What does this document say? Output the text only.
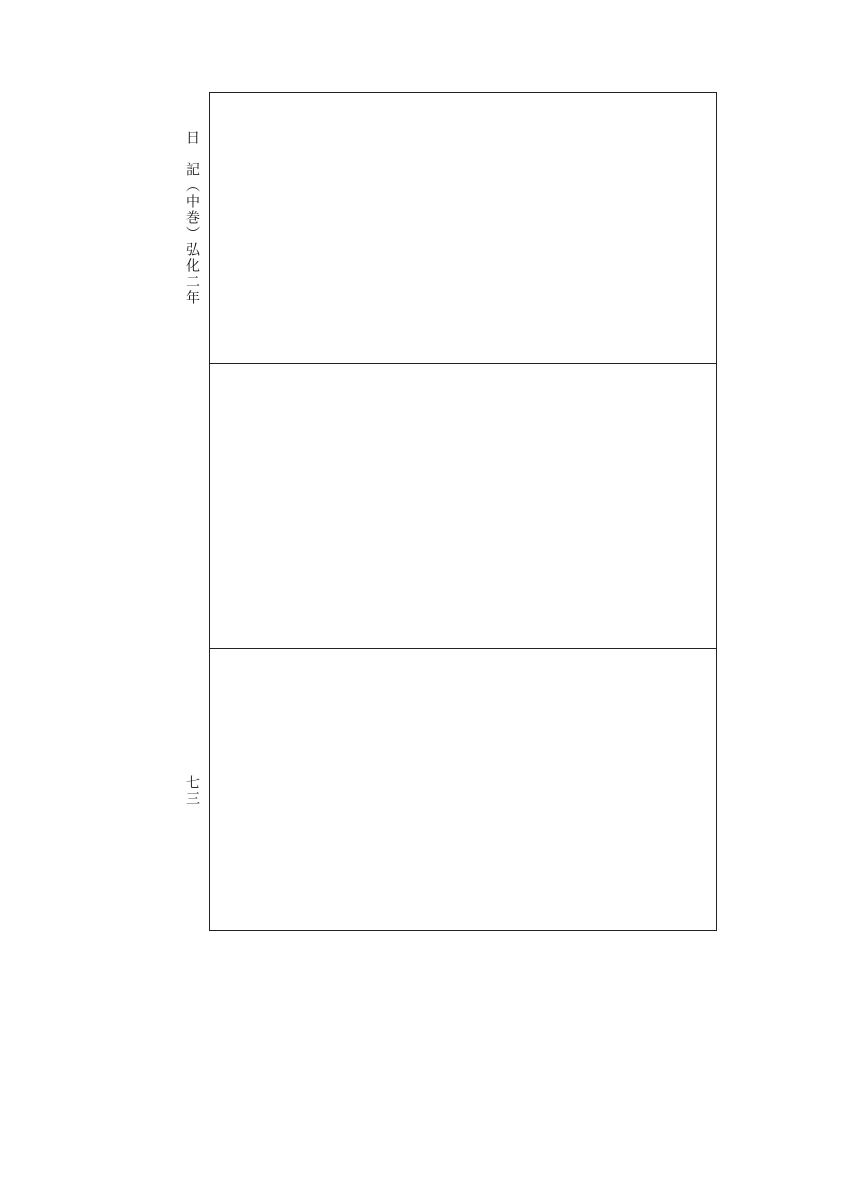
日　記（中巻）弘化二年
七三
